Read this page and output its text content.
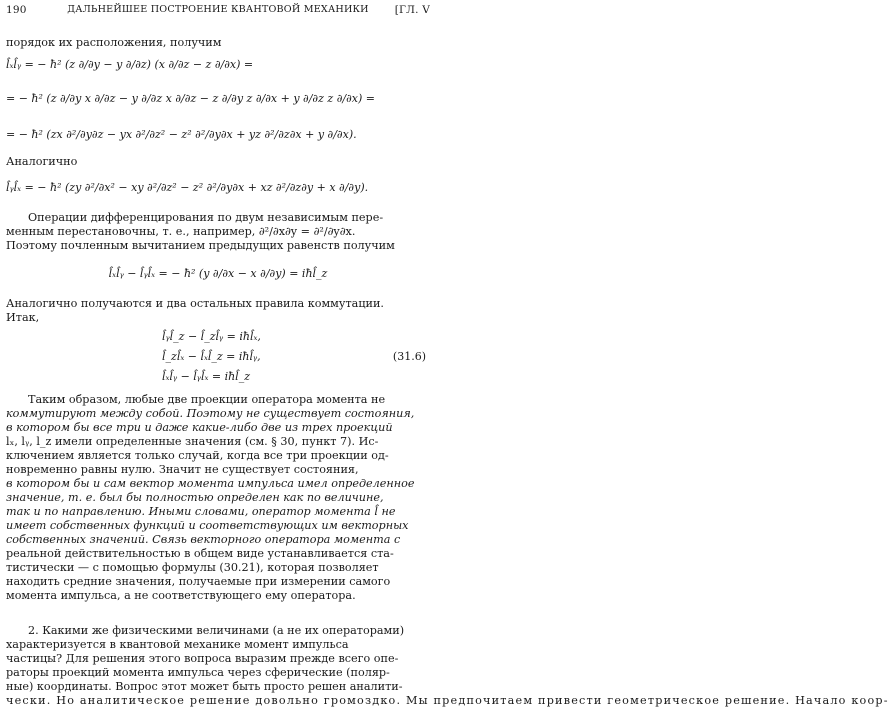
190	ДАЛЬНЕЙШЕЕ ПОСТРОЕНИЕ КВАНТОВОЙ МЕХАНИКИ	[ГЛ. V
порядок их расположения, получим
l̂ₓl̂ᵧ = − ħ² (z ∂/∂y − y ∂/∂z) (x ∂/∂z − z ∂/∂x) =
= − ħ² (z ∂/∂y x ∂/∂z − y ∂/∂z x ∂/∂z − z ∂/∂y z ∂/∂x + y ∂/∂z z ∂/∂x) =
= − ħ² (zx ∂²/∂y∂z − yx ∂²/∂z² − z² ∂²/∂y∂x + yz ∂²/∂z∂x + y ∂/∂x).
Аналогично
l̂ᵧl̂ₓ = − ħ² (zy ∂²/∂x² − xy ∂²/∂z² − z² ∂²/∂y∂x + xz ∂²/∂z∂y + x ∂/∂y).
Операции дифференцирования по двум независимым пере-
менным перестановочны, т. е., например, ∂²/∂x∂y = ∂²/∂y∂x.
Поэтому почленным вычитанием предыдущих равенств получим
l̂ₓl̂ᵧ − l̂ᵧl̂ₓ = − ħ² (y ∂/∂x − x ∂/∂y) = iħl̂_z
Аналогично получаются и два остальных правила коммутации.
Итак,
l̂ᵧl̂_z − l̂_zl̂ᵧ = iħl̂ₓ,
l̂_zl̂ₓ − l̂ₓl̂_z = iħl̂ᵧ,	(31.6)
l̂ₓl̂ᵧ − l̂ᵧl̂ₓ = iħl̂_z
Таким образом, любые две проекции оператора момента не
коммутируют между собой. Поэтому не существует состояния,
в котором бы все три и даже какие-либо две из трех проекций
lₓ, lᵧ, l_z имели определенные значения (см. § 30, пункт 7). Ис-
ключением является только случай, когда все три проекции од-
новременно равны нулю. Значит не существует состояния,
в котором бы и сам вектор момента импульса имел определенное
значение, т. е. был бы полностью определен как по величине,
так и по направлению. Иными словами, оператор момента l̂ не
имеет собственных функций и соответствующих им векторных
собственных значений. Связь векторного оператора момента с
реальной действительностью в общем виде устанавливается ста-
тистически — с помощью формулы (30.21), которая позволяет
находить средние значения, получаемые при измерении самого
момента импульса, а не соответствующего ему оператора.
2. Какими же физическими величинами (а не их операторами)
характеризуется в квантовой механике момент импульса
частицы? Для решения этого вопроса выразим прежде всего опе-
раторы проекций момента импульса через сферические (поляр-
ные) координаты. Вопрос этот может быть просто решен аналити-
чески. Но аналитическое решение довольно громоздко. Мы предпочитаем привести геометрическое решение. Начало коор-
